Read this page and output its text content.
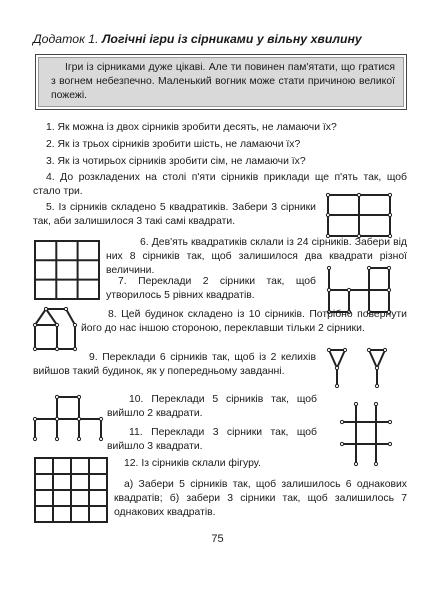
Додаток 1. Логічні ігри із сірниками у вільну хвилину
Ігри із сірниками дуже цікаві. Але ти повинен пам'ятати, що гратися з вогнем небезпечно. Маленький вогник може стати причиною великої пожежі.

1. Як можна із двох сірників зробити десять, не ламаючи їх?

2. Як із трьох сірників зробити шість, не ламаючи їх?

3. Як із чотирьох сірників зробити сім, не ламаючи їх?

4. До розкладених на столі п'яти сірників приклади ще п'ять так, щоб стало три.

5. Із сірників складено 5 квадратиків. Забери 3 сірники так, аби залишилося 3 такі самі квадрати.

6. Дев'ять квадратиків склали із 24 сірників. Забери від них 8 сірників так, щоб залишилося два квадрати різної величини.

7. Переклади 2 сірники так, щоб утворилось 5 рівних квадратів.

8. Цей будинок складено із 10 сірників. Потрібно повернути його до нас іншою стороною, переклавши тільки 2 сірники.

9. Переклади 6 сірників так, щоб із 2 келихів вийшов такий будинок, як у попередньому завданні.

10. Переклади 5 сірників так, щоб вийшло 2 квадрати.

11. Переклади 3 сірники так, щоб вийшло 3 квадрати.

12. Із сірників склали фігуру.

а) Забери 5 сірників так, щоб залишилось 6 однакових квадратів; б) забери 3 сірники так, щоб залишилось 7 однакових квадратів.

75
